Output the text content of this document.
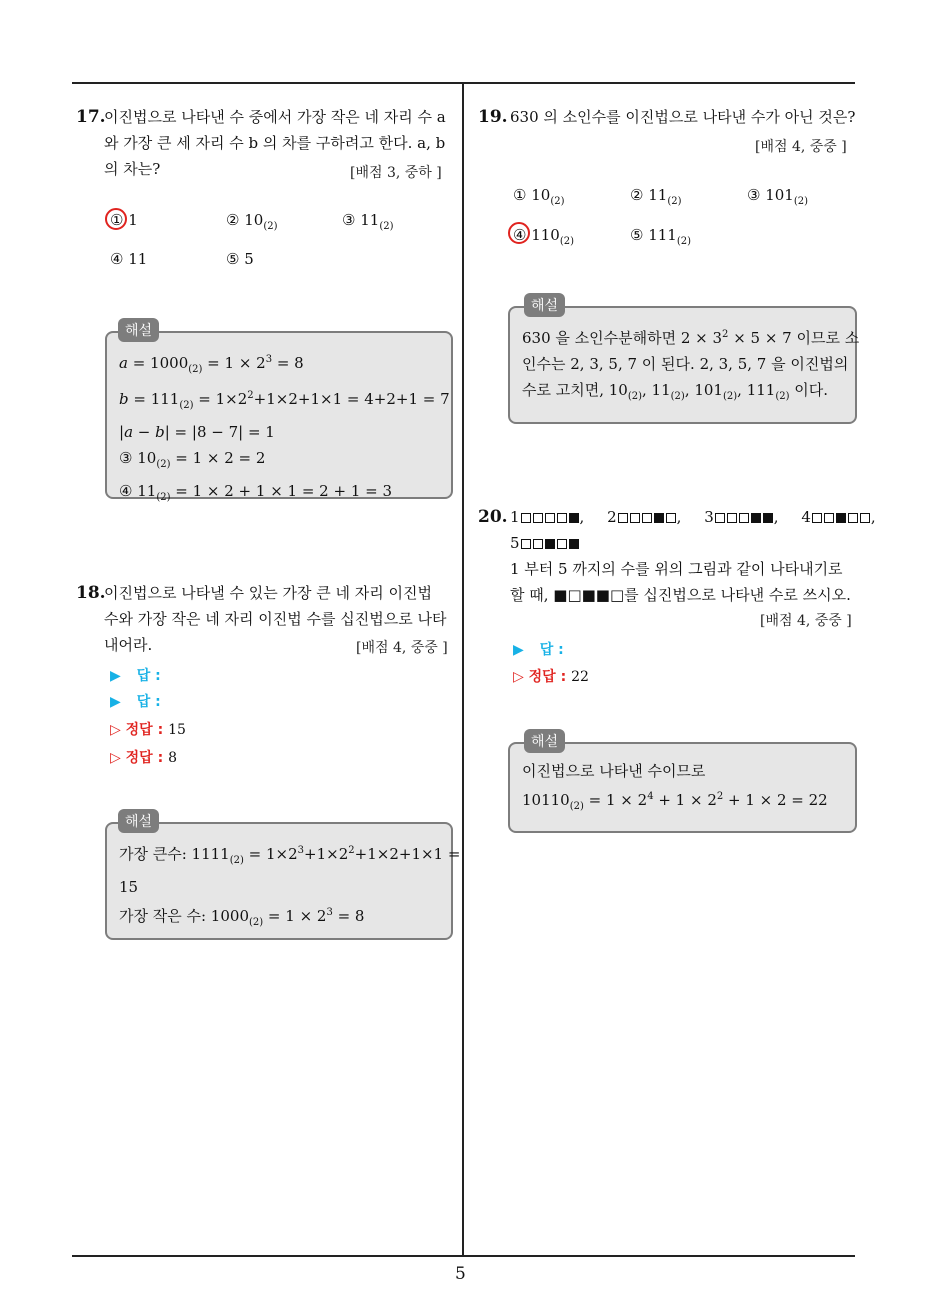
5
17.
이진법으로 나타낸 수 중에서 가장 작은 네 자리 수 a
와 가장 큰 세 자리 수 b 의 차를 구하려고 한다. a, b
의 차는?	[배점 3, 중하 ]
① 1	② $10_{(2)}$	③ $11_{(2)}$
④ 11	⑤ 5
$a = 1000_{(2)} = 1 \times 2^3 = 8$
$b = 111_{(2)} = 1\times 2^2+1\times 2+1\times 1 = 4+2+1 = 7$
|a − b| = |8 − 7| = 1
③ $10_{(2)} = 1 \times 2 = 2$
④ $11_{(2)} = 1 \times 2 + 1 \times 1 = 2 + 1 = 3$
해설
18.
이진법으로 나타낼 수 있는 가장 큰 네 자리 이진법
수와 가장 작은 네 자리 이진법 수를 십진법으로 나타
내어라.	[배점 4, 중중 ]
▶ 답 :
▶ 답 :
▷ 정답 : 15
▷ 정답 : 8
가장 큰수: $1111_{(2)} = 1\times 2^3+1\times 2^2+1\times 2+1\times 1$ =
15
가장 작은 수: $1000_{(2)} = 1 \times 2^3 = 8$
해설
19. 630 의 소인수를 이진법으로 나타낸 수가 아닌 것은?
[배점 4, 중중 ]
① $10_{(2)}$	② $11_{(2)}$	③ $101_{(2)}$
④ $110_{(2)}$	⑤ $111_{(2)}$
630 을 소인수분해하면 $2 \times 3^2 \times 5 \times 7$ 이므로 소
인수는 2, 3, 5, 7 이 된다. 2, 3, 5, 7 을 이진법의
수로 고치면, $10_{(2)}$, $11_{(2)}$, $101_{(2)}$, $111_{(2)}$ 이다.
해설
20. 1	, 2	, 3	, 4	,
5
1 부터 5 까지의 수를 위의 그림과 같이 나타내기로
할 때, ■□■■□를 십진법으로 나타낸 수로 쓰시오.
[배점 4, 중중 ]
▶ 답 :
▷ 정답 : 22
이진법으로 나타낸 수이므로
$10110_{(2)} = 1 \times 2^4 + 1 \times 2^2 + 1 \times 2 = 22$
해설
